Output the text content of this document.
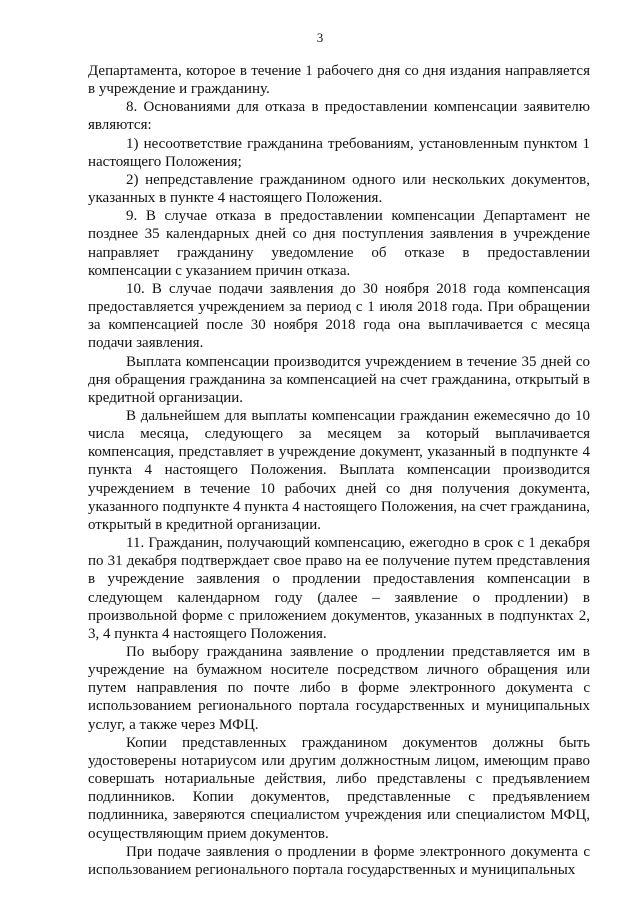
3

Департамента, которое в течение 1 рабочего дня со дня издания направляется в учреждение и гражданину.

8. Основаниями для отказа в предоставлении компенсации заявителю являются:

1) несоответствие гражданина требованиям, установленным пунктом 1 настоящего Положения;

2) непредставление гражданином одного или нескольких документов, указанных в пункте 4 настоящего Положения.

9. В случае отказа в предоставлении компенсации Департамент не позднее 35 календарных дней со дня поступления заявления в учреждение направляет гражданину уведомление об отказе в предоставлении компенсации с указанием причин отказа.

10. В случае подачи заявления до 30 ноября 2018 года компенсация предоставляется учреждением за период с 1 июля 2018 года. При обращении за компенсацией после 30 ноября 2018 года она выплачивается с месяца подачи заявления.

Выплата компенсации производится учреждением в течение 35 дней со дня обращения гражданина за компенсацией на счет гражданина, открытый в кредитной организации.

В дальнейшем для выплаты компенсации гражданин ежемесячно до 10 числа месяца, следующего за месяцем за который выплачивается компенсация, представляет в учреждение документ, указанный в подпункте 4 пункта 4 настоящего Положения. Выплата компенсации производится учреждением в течение 10 рабочих дней со дня получения документа, указанного подпункте 4 пункта 4 настоящего Положения, на счет гражданина, открытый в кредитной организации.

11. Гражданин, получающий компенсацию, ежегодно в срок с 1 декабря по 31 декабря подтверждает свое право на ее получение путем представления в учреждение заявления о продлении предоставления компенсации в следующем календарном году (далее – заявление о продлении) в произвольной форме с приложением документов, указанных в подпунктах 2, 3, 4 пункта 4 настоящего Положения.

По выбору гражданина заявление о продлении представляется им в учреждение на бумажном носителе посредством личного обращения или путем направления по почте либо в форме электронного документа с использованием регионального портала государственных и муниципальных услуг, а также через МФЦ.

Копии представленных гражданином документов должны быть удостоверены нотариусом или другим должностным лицом, имеющим право совершать нотариальные действия, либо представлены с предъявлением подлинников. Копии документов, представленные с предъявлением подлинника, заверяются специалистом учреждения или специалистом МФЦ, осуществляющим прием документов.

При подаче заявления о продлении в форме электронного документа с использованием регионального портала государственных и муниципальных
